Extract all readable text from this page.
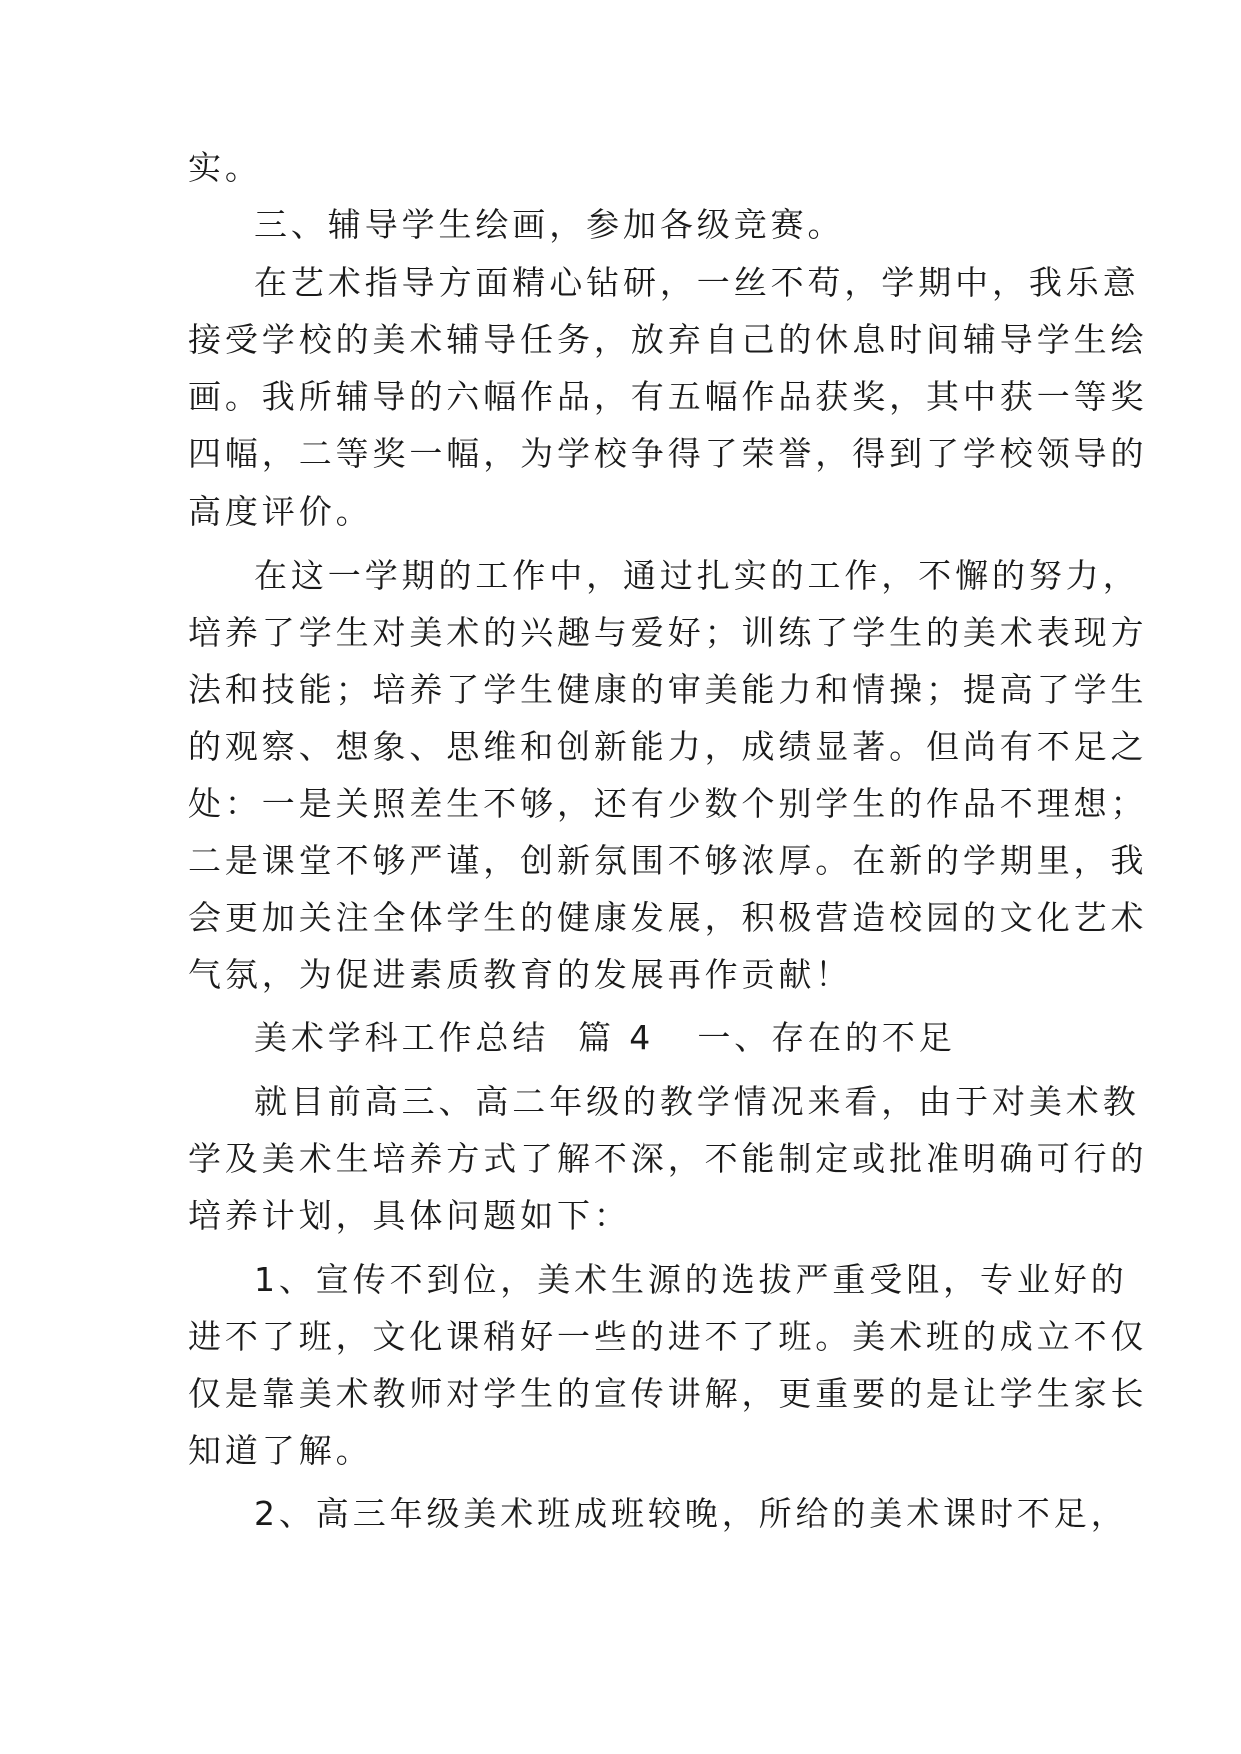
实。
三、辅导学生绘画，参加各级竞赛。
在艺术指导方面精心钻研，一丝不苟，学期中，我乐意
接受学校的美术辅导任务，放弃自己的休息时间辅导学生绘
画。我所辅导的六幅作品，有五幅作品获奖，其中获一等奖
四幅，二等奖一幅，为学校争得了荣誉，得到了学校领导的
高度评价。
在这一学期的工作中，通过扎实的工作，不懈的努力，
培养了学生对美术的兴趣与爱好；训练了学生的美术表现方
法和技能；培养了学生健康的审美能力和情操；提高了学生
的观察、想象、思维和创新能力，成绩显著。但尚有不足之
处：一是关照差生不够，还有少数个别学生的作品不理想；
二是课堂不够严谨，创新氛围不够浓厚。在新的学期里，我
会更加关注全体学生的健康发展，积极营造校园的文化艺术
气氛，为促进素质教育的发展再作贡献！
美术学科工作总结  篇 4   一、存在的不足
就目前高三、高二年级的教学情况来看，由于对美术教
学及美术生培养方式了解不深，不能制定或批准明确可行的
培养计划，具体问题如下：
1、宣传不到位，美术生源的选拔严重受阻，专业好的
进不了班，文化课稍好一些的进不了班。美术班的成立不仅
仅是靠美术教师对学生的宣传讲解，更重要的是让学生家长
知道了解。
2、高三年级美术班成班较晚，所给的美术课时不足，
